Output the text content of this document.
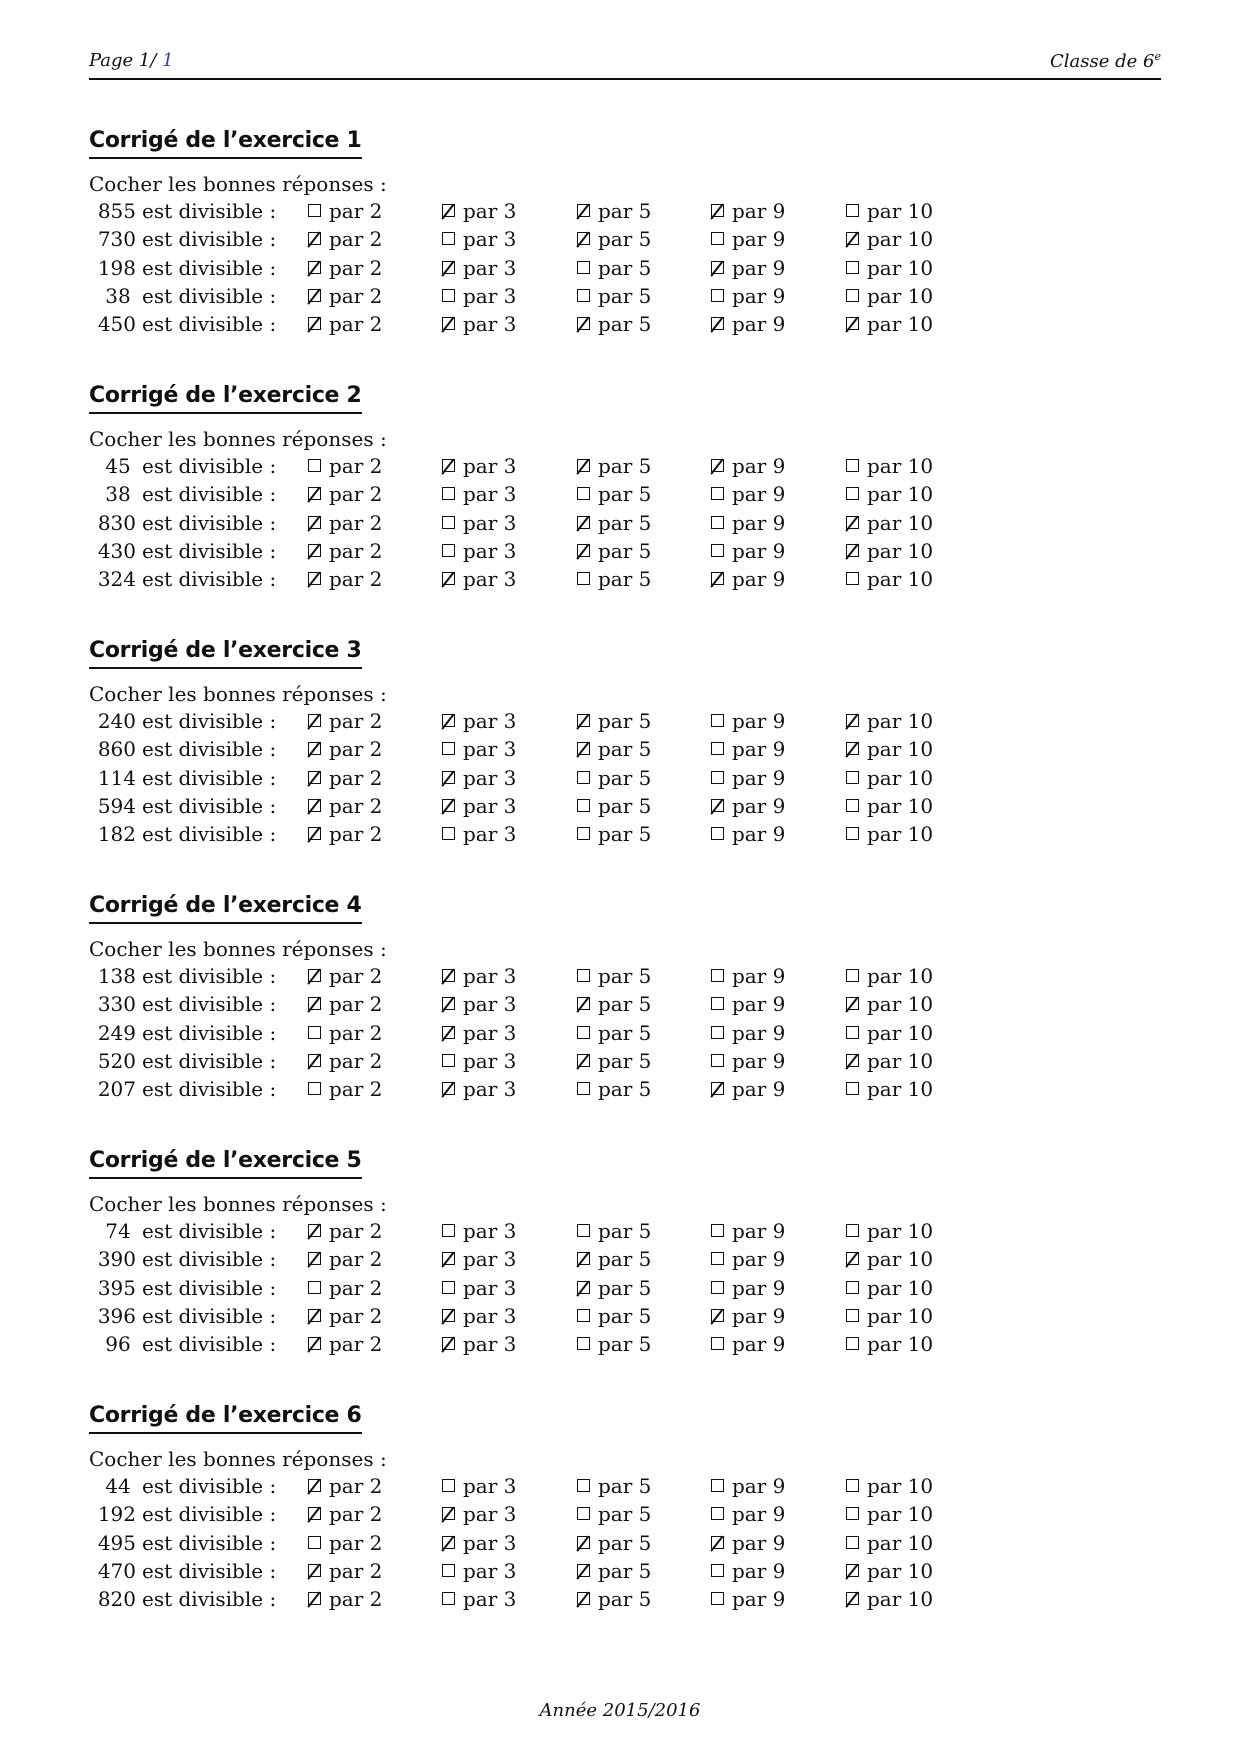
Page 1/ 1	Classe de 6e
Corrigé de l’exercice 1
Cocher les bonnes réponses :
855 est divisible :	par 2	par 3	par 5	par 9	par 10
730 est divisible :	par 2	par 3	par 5	par 9	par 10
198 est divisible :	par 2	par 3	par 5	par 9	par 10
38 est divisible :	par 2	par 3	par 5	par 9	par 10
450 est divisible :	par 2	par 3	par 5	par 9	par 10
Corrigé de l’exercice 2
Cocher les bonnes réponses :
45 est divisible :	par 2	par 3	par 5	par 9	par 10
38 est divisible :	par 2	par 3	par 5	par 9	par 10
830 est divisible :	par 2	par 3	par 5	par 9	par 10
430 est divisible :	par 2	par 3	par 5	par 9	par 10
324 est divisible :	par 2	par 3	par 5	par 9	par 10
Corrigé de l’exercice 3
Cocher les bonnes réponses :
240 est divisible :	par 2	par 3	par 5	par 9	par 10
860 est divisible :	par 2	par 3	par 5	par 9	par 10
114 est divisible :	par 2	par 3	par 5	par 9	par 10
594 est divisible :	par 2	par 3	par 5	par 9	par 10
182 est divisible :	par 2	par 3	par 5	par 9	par 10
Corrigé de l’exercice 4
Cocher les bonnes réponses :
138 est divisible :	par 2	par 3	par 5	par 9	par 10
330 est divisible :	par 2	par 3	par 5	par 9	par 10
249 est divisible :	par 2	par 3	par 5	par 9	par 10
520 est divisible :	par 2	par 3	par 5	par 9	par 10
207 est divisible :	par 2	par 3	par 5	par 9	par 10
Corrigé de l’exercice 5
Cocher les bonnes réponses :
74 est divisible :	par 2	par 3	par 5	par 9	par 10
390 est divisible :	par 2	par 3	par 5	par 9	par 10
395 est divisible :	par 2	par 3	par 5	par 9	par 10
396 est divisible :	par 2	par 3	par 5	par 9	par 10
96 est divisible :	par 2	par 3	par 5	par 9	par 10
Corrigé de l’exercice 6
Cocher les bonnes réponses :
44 est divisible :	par 2	par 3	par 5	par 9	par 10
192 est divisible :	par 2	par 3	par 5	par 9	par 10
495 est divisible :	par 2	par 3	par 5	par 9	par 10
470 est divisible :	par 2	par 3	par 5	par 9	par 10
820 est divisible :	par 2	par 3	par 5	par 9	par 10
Année 2015/2016
